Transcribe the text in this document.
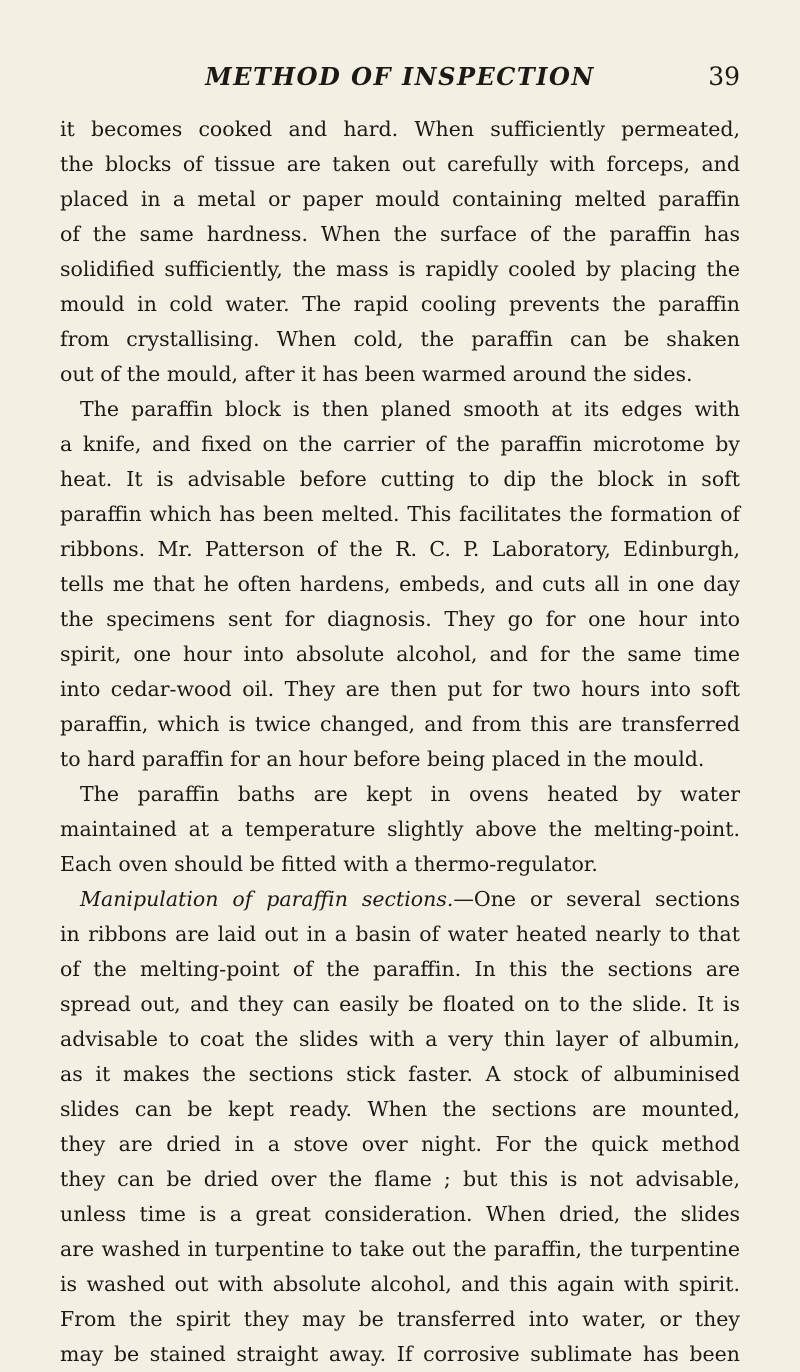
METHOD OF INSPECTION	39
it becomes cooked and hard. When sufficiently permeated,
the blocks of tissue are taken out carefully with forceps, and
placed in a metal or paper mould containing melted paraffin
of the same hardness. When the surface of the paraffin has
solidified sufficiently, the mass is rapidly cooled by placing the
mould in cold water. The rapid cooling prevents the paraffin
from crystallising. When cold, the paraffin can be shaken
out of the mould, after it has been warmed around the sides.
The paraffin block is then planed smooth at its edges with
a knife, and fixed on the carrier of the paraffin microtome by
heat. It is advisable before cutting to dip the block in soft
paraffin which has been melted. This facilitates the formation of
ribbons. Mr. Patterson of the R. C. P. Laboratory, Edinburgh,
tells me that he often hardens, embeds, and cuts all in one day
the specimens sent for diagnosis. They go for one hour into
spirit, one hour into absolute alcohol, and for the same time
into cedar-wood oil. They are then put for two hours into soft
paraffin, which is twice changed, and from this are transferred
to hard paraffin for an hour before being placed in the mould.
The paraffin baths are kept in ovens heated by water
maintained at a temperature slightly above the melting-point.
Each oven should be fitted with a thermo-regulator.
Manipulation of paraffin sections.—One or several sections
in ribbons are laid out in a basin of water heated nearly to that
of the melting-point of the paraffin. In this the sections are
spread out, and they can easily be floated on to the slide. It is
advisable to coat the slides with a very thin layer of albumin,
as it makes the sections stick faster. A stock of albuminised
slides can be kept ready. When the sections are mounted,
they are dried in a stove over night. For the quick method
they can be dried over the flame ; but this is not advisable,
unless time is a great consideration. When dried, the slides
are washed in turpentine to take out the paraffin, the turpentine
is washed out with absolute alcohol, and this again with spirit.
From the spirit they may be transferred into water, or they
may be stained straight away. If corrosive sublimate has been
